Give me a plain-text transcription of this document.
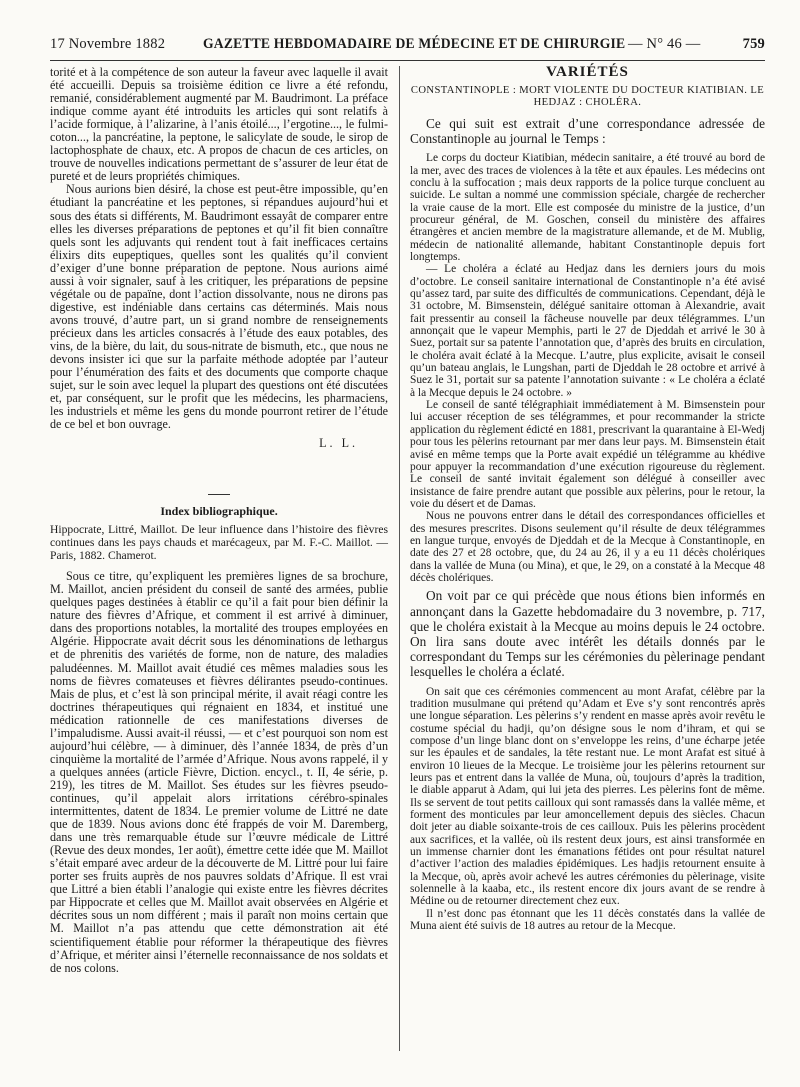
17 Novembre 1882	GAZETTE HEBDOMADAIRE DE MÉDECINE ET DE CHIRURGIE — N° 46 —	759

torité et à la compétence de son auteur la faveur avec laquelle il avait été accueilli. Depuis sa troisième édition ce livre a été refondu, remanié, considérablement augmenté par M. Baudrimont. La préface indique comme ayant été introduits les articles qui sont relatifs à l’acide formique, à l’alizarine, à l’anis étoilé..., l’ergotine..., le fulmi-coton..., la pancréatine, la peptone, le salicylate de soude, le sirop de lactophosphate de chaux, etc. A propos de chacun de ces articles, on trouve de nouvelles indications permettant de s’assurer de leur état de pureté et de leurs propriétés chimiques.

Nous aurions bien désiré, la chose est peut-être impossible, qu’en étudiant la pancréatine et les peptones, si répandues aujourd’hui et sous des états si différents, M. Baudrimont essayât de comparer entre elles les diverses préparations de peptones et qu’il fit bien connaître quels sont les adjuvants qui rendent tout à fait inefficaces certains élixirs dits eupeptiques, quelles sont les qualités qu’il convient d’exiger d’une bonne préparation de peptone. Nous aurions aimé aussi à voir signaler, sauf à les critiquer, les préparations de pepsine végétale ou de papaïne, dont l’action dissolvante, nous ne dirons pas digestive, est indéniable dans certains cas déterminés. Mais nous avons trouvé, d’autre part, un si grand nombre de renseignements précieux dans les articles consacrés à l’étude des eaux potables, des vins, de la bière, du lait, du sous-nitrate de bismuth, etc., que nous ne devons insister ici que sur la parfaite méthode adoptée par l’auteur pour l’énumération des faits et des documents que comporte chaque sujet, sur le soin avec lequel la plupart des questions ont été discutées et, par conséquent, sur le profit que les médecins, les pharmaciens, les industriels et même les gens du monde pourront retirer de l’étude de ce bel et bon ouvrage.

L. L.

Index bibliographique.

Hippocrate, Littré, Maillot. De leur influence dans l’histoire des fièvres continues dans les pays chauds et marécageux, par M. F.-C. Maillot. — Paris, 1882. Chamerot.

Sous ce titre, qu’expliquent les premières lignes de sa brochure, M. Maillot, ancien président du conseil de santé des armées, publie quelques pages destinées à établir ce qu’il a fait pour bien définir la nature des fièvres d’Afrique, et comment il est arrivé à diminuer, dans des proportions notables, la mortalité des troupes employées en Algérie. Hippocrate avait décrit sous les dénominations de lethargus et de phrenitis des variétés de forme, non de nature, des maladies paludéennes. M. Maillot avait étudié ces mêmes maladies sous les noms de fièvres comateuses et fièvres délirantes pseudo-continues. Mais de plus, et c’est là son principal mérite, il avait réagi contre les doctrines thérapeutiques qui régnaient en 1834, et institué une médication rationnelle de ces manifestations diverses de l’impaludisme. Aussi avait-il réussi, — et c’est pourquoi son nom est aujourd’hui célèbre, — à diminuer, dès l’année 1834, de près d’un cinquième la mortalité de l’armée d’Afrique. Nous avons rappelé, il y a quelques années (article Fièvre, Diction. encycl., t. II, 4e série, p. 219), les titres de M. Maillot. Ses études sur les fièvres pseudo-continues, qu’il appelait alors irritations cérébro-spinales intermittentes, datent de 1834. Le premier volume de Littré ne date que de 1839. Nous avions donc été frappés de voir M. Daremberg, dans une très remarquable étude sur l’œuvre médicale de Littré (Revue des deux mondes, 1er août), émettre cette idée que M. Maillot s’était emparé avec ardeur de la découverte de M. Littré pour lui faire porter ses fruits auprès de nos pauvres soldats d’Afrique. Il est vrai que Littré a bien établi l’analogie qui existe entre les fièvres décrites par Hippocrate et celles que M. Maillot avait observées en Algérie et décrites sous un nom différent ; mais il paraît non moins certain que M. Maillot n’a pas attendu que cette démonstration ait été scientifiquement établie pour réformer la thérapeutique des fièvres d’Afrique, et mériter ainsi l’éternelle reconnaissance de nos soldats et de nos colons.

VARIÉTÉS

CONSTANTINOPLE : MORT VIOLENTE DU DOCTEUR KIATIBIAN. LE HEDJAZ : CHOLÉRA.

Ce qui suit est extrait d’une correspondance adressée de Constantinople au journal le Temps :

Le corps du docteur Kiatibian, médecin sanitaire, a été trouvé au bord de la mer, avec des traces de violences à la tête et aux épaules. Les médecins ont conclu à la suffocation ; mais deux rapports de la police turque concluent au suicide. Le sultan a nommé une commission spéciale, chargée de rechercher la vraie cause de la mort. Elle est composée du ministre de la justice, d’un procureur général, de M. Goschen, conseil du ministère des affaires étrangères et ancien membre de la magistrature allemande, et de M. Mublig, médecin de nationalité allemande, habitant Constantinople depuis fort longtemps.

— Le choléra a éclaté au Hedjaz dans les derniers jours du mois d’octobre. Le conseil sanitaire international de Constantinople n’a été avisé qu’assez tard, par suite des difficultés de communications. Cependant, déjà le 31 octobre, M. Bimsenstein, délégué sanitaire ottoman à Alexandrie, avait fait pressentir au conseil la fâcheuse nouvelle par deux télégrammes. L’un annonçait que le vapeur Memphis, parti le 27 de Djeddah et arrivé le 30 à Suez, portait sur sa patente l’annotation que, d’après des bruits en circulation, le choléra avait éclaté à la Mecque. L’autre, plus explicite, avisait le conseil qu’un bateau anglais, le Lungshan, parti de Djeddah le 28 octobre et arrivé à Suez le 31, portait sur sa patente l’annotation suivante : « Le choléra a éclaté à la Mecque depuis le 24 octobre. »

Le conseil de santé télégraphiait immédiatement à M. Bimsenstein pour lui accuser réception de ses télégrammes, et pour recommander la stricte application du règlement édicté en 1881, prescrivant la quarantaine à El-Wedj pour tous les pèlerins retournant par mer dans leur pays. M. Bimsenstein était avisé en même temps que la Porte avait expédié un télégramme au khédive pour appuyer la recommandation d’une exécution rigoureuse du règlement. Le conseil de santé invitait également son délégué à conseiller avec insistance de faire prendre autant que possible aux pèlerins, pour le retour, la voie du désert et de Damas.

Nous ne pouvons entrer dans le détail des correspondances officielles et des mesures prescrites. Disons seulement qu’il résulte de deux télégrammes en langue turque, envoyés de Djeddah et de la Mecque à Constantinople, en date des 27 et 28 octobre, que, du 24 au 26, il y a eu 11 décès cholériques dans la vallée de Muna (ou Mina), et que, le 29, on a constaté à la Mecque 48 décès cholériques.

On voit par ce qui précède que nous étions bien informés en annonçant dans la Gazette hebdomadaire du 3 novembre, p. 717, que le choléra existait à la Mecque au moins depuis le 24 octobre. On lira sans doute avec intérêt les détails donnés par le correspondant du Temps sur les cérémonies du pèlerinage pendant lesquelles le choléra a éclaté.

On sait que ces cérémonies commencent au mont Arafat, célèbre par la tradition musulmane qui prétend qu’Adam et Eve s’y sont rencontrés après une longue séparation. Les pèlerins s’y rendent en masse après avoir revêtu le costume spécial du hadji, qu’on désigne sous le nom d’ihram, et qui se compose d’un linge blanc dont on s’enveloppe les reins, d’une écharpe jetée sur les épaules et de sandales, la tête restant nue. Le mont Arafat est situé à environ 10 lieues de la Mecque. Le troisième jour les pèlerins retournent sur leurs pas et entrent dans la vallée de Muna, où, toujours d’après la tradition, le diable apparut à Adam, qui lui jeta des pierres. Les pèlerins font de même. Ils se servent de tout petits cailloux qui sont ramassés dans la vallée même, et forment des monticules par leur amoncellement depuis des siècles. Chacun doit jeter au diable soixante-trois de ces cailloux. Puis les pèlerins procèdent aux sacrifices, et la vallée, où ils restent deux jours, est ainsi transformée en un immense charnier dont les émanations fétides ont pour résultat naturel d’activer l’action des maladies épidémiques. Les hadjis retournent ensuite à la Mecque, où, après avoir achevé les autres cérémonies du pèlerinage, visite solennelle à la kaaba, etc., ils restent encore dix jours avant de se rendre à Médine ou de retourner directement chez eux.

Il n’est donc pas étonnant que les 11 décès constatés dans la vallée de Muna aient été suivis de 18 autres au retour de la Mecque.
